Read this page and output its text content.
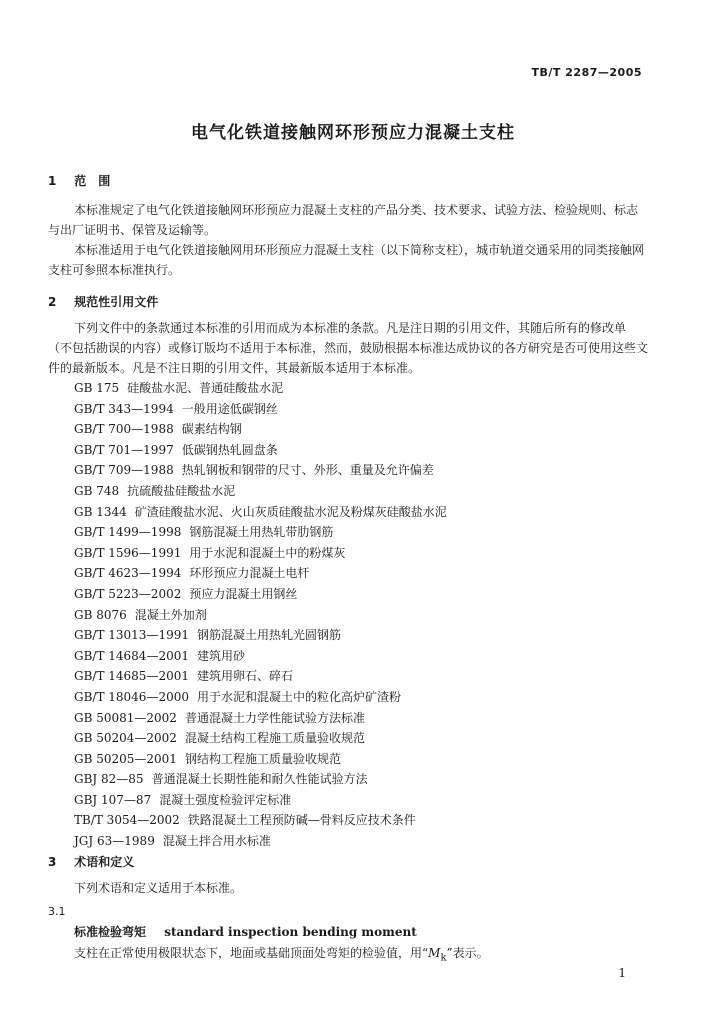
TB/T 2287—2005
电气化铁道接触网环形预应力混凝土支柱
1 范　围
本标准规定了电气化铁道接触网环形预应力混凝土支柱的产品分类、技术要求、试验方法、检验规则、标志与出厂证明书、保管及运输等。
本标准适用于电气化铁道接触网用环形预应力混凝土支柱（以下简称支柱），城市轨道交通采用的同类接触网支柱可参照本标准执行。
2 规范性引用文件
下列文件中的条款通过本标准的引用而成为本标准的条款。凡是注日期的引用文件，其随后所有的修改单（不包括勘误的内容）或修订版均不适用于本标准，然而，鼓励根据本标准达成协议的各方研究是否可使用这些文件的最新版本。凡是不注日期的引用文件，其最新版本适用于本标准。
GB 175 硅酸盐水泥、普通硅酸盐水泥
GB/T 343—1994 一般用途低碳钢丝
GB/T 700—1988 碳素结构钢
GB/T 701—1997 低碳钢热轧圆盘条
GB/T 709—1988 热轧钢板和钢带的尺寸、外形、重量及允许偏差
GB 748 抗硫酸盐硅酸盐水泥
GB 1344 矿渣硅酸盐水泥、火山灰质硅酸盐水泥及粉煤灰硅酸盐水泥
GB/T 1499—1998 钢筋混凝土用热轧带肋钢筋
GB/T 1596—1991 用于水泥和混凝土中的粉煤灰
GB/T 4623—1994 环形预应力混凝土电杆
GB/T 5223—2002 预应力混凝土用钢丝
GB 8076 混凝土外加剂
GB/T 13013—1991 钢筋混凝土用热轧光圆钢筋
GB/T 14684—2001 建筑用砂
GB/T 14685—2001 建筑用卵石、碎石
GB/T 18046—2000 用于水泥和混凝土中的粒化高炉矿渣粉
GB 50081—2002 普通混凝土力学性能试验方法标准
GB 50204—2002 混凝土结构工程施工质量验收规范
GB 50205—2001 钢结构工程施工质量验收规范
GBJ 82—85 普通混凝土长期性能和耐久性能试验方法
GBJ 107—87 混凝土强度检验评定标准
TB/T 3054—2002 铁路混凝土工程预防碱—骨料反应技术条件
JGJ 63—1989 混凝土拌合用水标准
3 术语和定义
下列术语和定义适用于本标准。
3.1
标准检验弯矩 standard inspection bending moment
支柱在正常使用极限状态下，地面或基础顶面处弯矩的检验值，用“$M_k$”表示。
1
